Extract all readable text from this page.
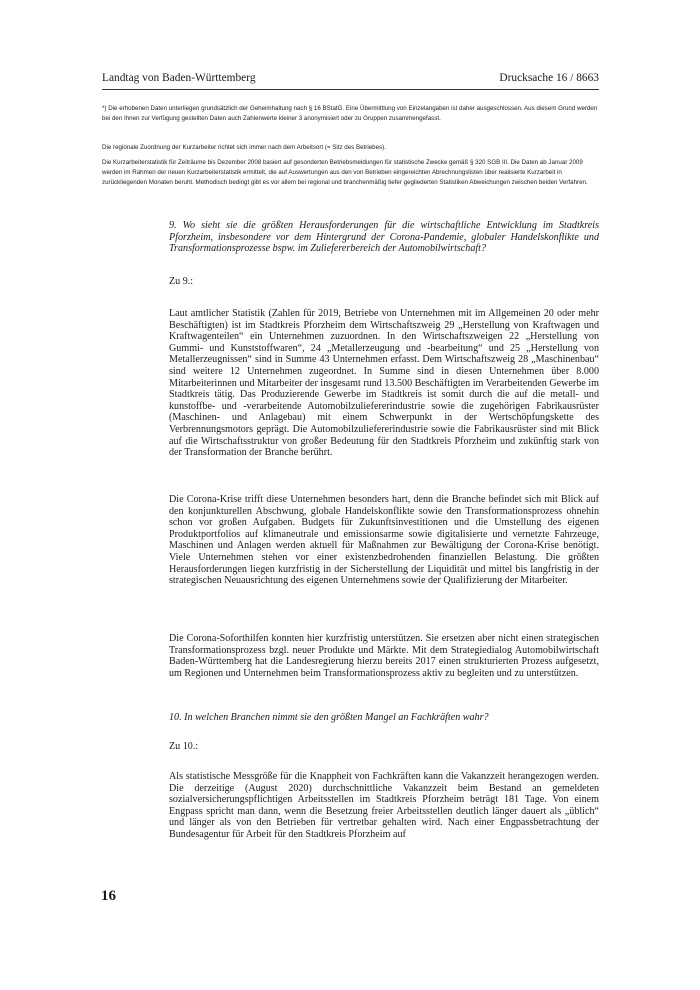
Landtag von Baden-Württemberg	Drucksache 16 / 8663

*) Die erhobenen Daten unterliegen grundsätzlich der Geheimhaltung nach § 16 BStatG. Eine Übermittlung von Einzelangaben ist daher ausgeschlossen. Aus diesem Grund werden bei den Ihnen zur Verfügung gestellten Daten auch Zahlenwerte kleiner 3 anonymisiert oder zu Gruppen zusammengefasst.

Die regionale Zuordnung der Kurzarbeiter richtet sich immer nach dem Arbeitsort (= Sitz des Betriebes).

Die Kurzarbeiterstatistik für Zeiträume bis Dezember 2008 basiert auf gesonderten Betriebsmeldungen für statistische Zwecke gemäß § 320 SGB III. Die Daten ab Januar 2009 werden im Rahmen der neuen Kurzarbeiterstatistik ermittelt, die auf Auswertungen aus den von Betrieben eingereichten Abrechnungslisten über realisierte Kurzarbeit in zurückliegenden Monaten beruht. Methodisch bedingt gibt es vor allem bei regional und branchenmäßig tiefer gegliederten Statistiken Abweichungen zwischen beiden Verfahren.

9. Wo sieht sie die größten Herausforderungen für die wirtschaftliche Entwicklung im Stadtkreis Pforzheim, insbesondere vor dem Hintergrund der Corona-Pandemie, globaler Handelskonflikte und Transformationsprozesse bspw. im Zuliefererbereich der Automobilwirtschaft?

Zu 9.:

Laut amtlicher Statistik (Zahlen für 2019, Betriebe von Unternehmen mit im Allgemeinen 20 oder mehr Beschäftigten) ist im Stadtkreis Pforzheim dem Wirtschaftszweig 29 „Herstellung von Kraftwagen und Kraftwagenteilen“ ein Unternehmen zuzuordnen. In den Wirtschaftszweigen 22 „Herstellung von Gummi- und Kunststoffwaren“, 24 „Metallerzeugung und -bearbeitung“ und 25 „Herstellung von Metallerzeugnissen“ sind in Summe 43 Unternehmen erfasst. Dem Wirtschaftszweig 28 „Maschinenbau“ sind weitere 12 Unternehmen zugeordnet. In Summe sind in diesen Unternehmen über 8.000 Mitarbeiterinnen und Mitarbeiter der insgesamt rund 13.500 Beschäftigten im Verarbeitenden Gewerbe im Stadtkreis tätig. Das Produzierende Gewerbe im Stadtkreis ist somit durch die auf die metall- und kunstoffbe- und -verarbeitende Automobilzuliefererindustrie sowie die zugehörigen Fabrikausrüster (Maschinen- und Anlagebau) mit einem Schwerpunkt in der Wertschöpfungskette des Verbrennungsmotors geprägt. Die Automobilzuliefererindustrie sowie die Fabrikausrüster sind mit Blick auf die Wirtschaftsstruktur von großer Bedeutung für den Stadtkreis Pforzheim und zukünftig stark von der Transformation der Branche berührt.

Die Corona-Krise trifft diese Unternehmen besonders hart, denn die Branche befindet sich mit Blick auf den konjunkturellen Abschwung, globale Handelskonflikte sowie den Transformationsprozess ohnehin schon vor großen Aufgaben. Budgets für Zukunftsinvestitionen und die Umstellung des eigenen Produktportfolios auf klimaneutrale und emissionsarme sowie digitalisierte und vernetzte Fahrzeuge, Maschinen und Anlagen werden aktuell für Maßnahmen zur Bewältigung der Corona-Krise benötigt. Viele Unternehmen stehen vor einer existenzbedrohenden finanziellen Belastung. Die größten Herausforderungen liegen kurzfristig in der Sicherstellung der Liquidität und mittel bis langfristig in der strategischen Neuausrichtung des eigenen Unternehmens sowie der Qualifizierung der Mitarbeiter.

Die Corona-Soforthilfen konnten hier kurzfristig unterstützen. Sie ersetzen aber nicht einen strategischen Transformationsprozess bzgl. neuer Produkte und Märkte. Mit dem Strategiedialog Automobilwirtschaft Baden-Württemberg hat die Landesregierung hierzu bereits 2017 einen strukturierten Prozess aufgesetzt, um Regionen und Unternehmen beim Transformationsprozess aktiv zu begleiten und zu unterstützen.

10. In welchen Branchen nimmt sie den größten Mangel an Fachkräften wahr?

Zu 10.:

Als statistische Messgröße für die Knappheit von Fachkräften kann die Vakanzzeit herangezogen werden. Die derzeitige (August 2020) durchschnittliche Vakanzzeit beim Bestand an gemeldeten sozialversicherungspflichtigen Arbeitsstellen im Stadtkreis Pforzheim beträgt 181 Tage. Von einem Engpass spricht man dann, wenn die Besetzung freier Arbeitsstellen deutlich länger dauert als „üblich“ und länger als von den Betrieben für vertretbar gehalten wird. Nach einer Engpassbetrachtung der Bundesagentur für Arbeit für den Stadtkreis Pforzheim auf

16
